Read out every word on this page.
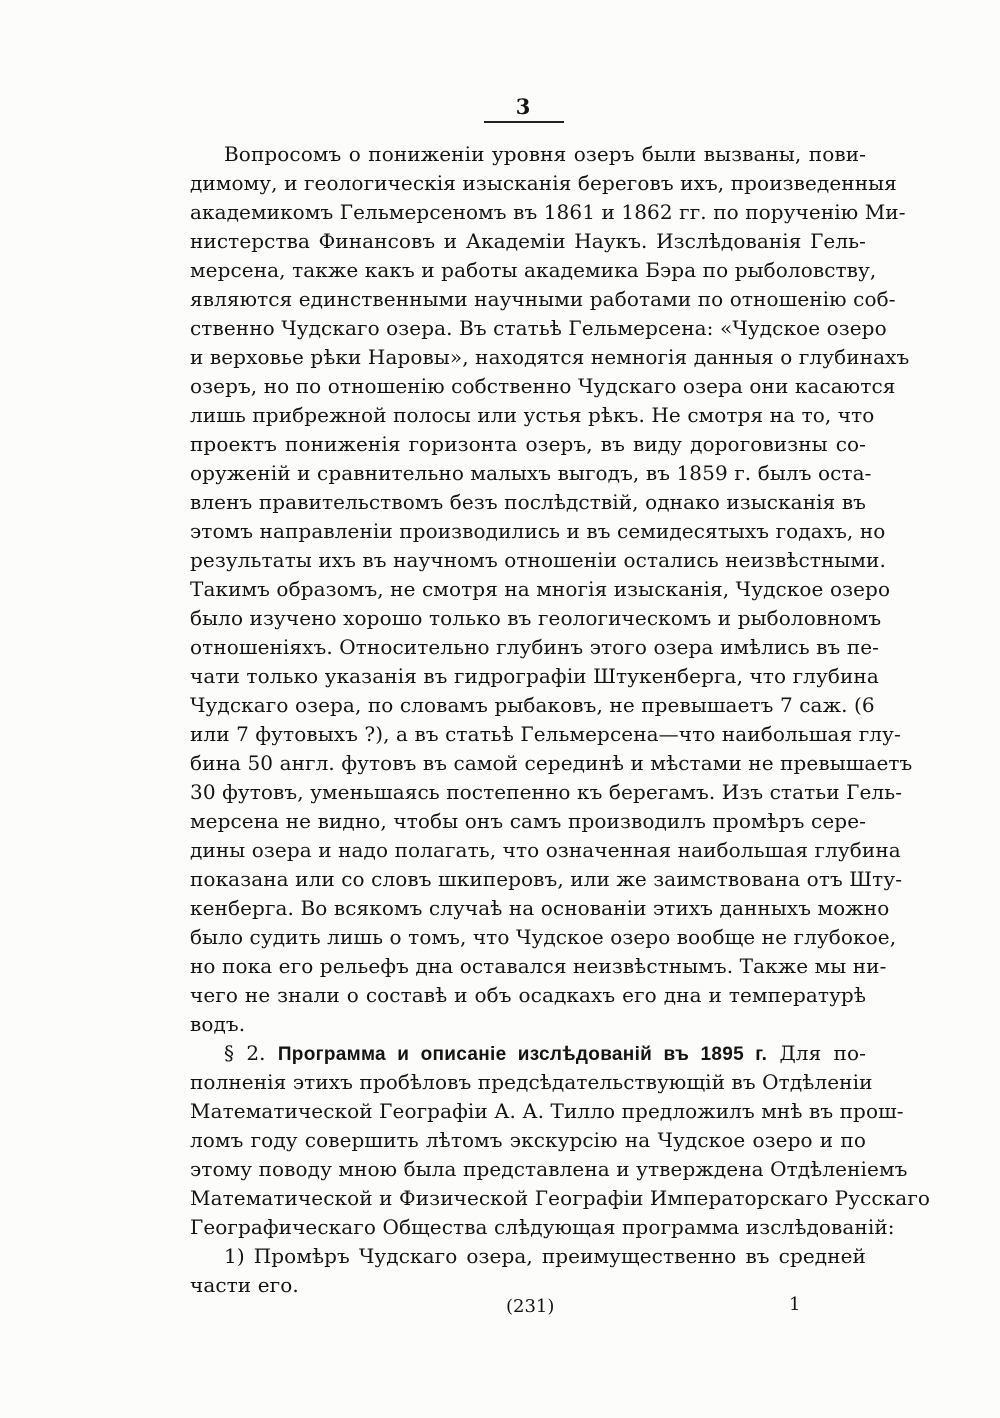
3
Вопросомъ о пониженіи уровня озеръ были вызваны, пови-
димому, и геологическія изысканія береговъ ихъ, произведенныя
академикомъ Гельмерсеномъ въ 1861 и 1862 гг. по порученію Ми-
нистерства Финансовъ и Академіи Наукъ. Изслѣдованія Гель-
мерсена, также какъ и работы академика Бэра по рыболовству,
являются единственными научными работами по отношенію соб-
ственно Чудскаго озера. Въ статьѣ Гельмерсена: «Чудское озеро
и верховье рѣки Наровы», находятся немногія данныя о глубинахъ
озеръ, но по отношенію собственно Чудскаго озера они касаются
лишь прибрежной полосы или устья рѣкъ. Не смотря на то, что
проектъ пониженія горизонта озеръ, въ виду дороговизны со-
оруженій и сравнительно малыхъ выгодъ, въ 1859 г. былъ оста-
вленъ правительствомъ безъ послѣдствій, однако изысканія въ
этомъ направленіи производились и въ семидесятыхъ годахъ, но
результаты ихъ въ научномъ отношеніи остались неизвѣстными.
Такимъ образомъ, не смотря на многія изысканія, Чудское озеро
было изучено хорошо только въ геологическомъ и рыболовномъ
отношеніяхъ. Относительно глубинъ этого озера имѣлись въ пе-
чати только указанія въ гидрографіи Штукенберга, что глубина
Чудскаго озера, по словамъ рыбаковъ, не превышаетъ 7 саж. (6
или 7 футовыхъ ?), а въ статьѣ Гельмерсена—что наибольшая глу-
бина 50 англ. футовъ въ самой серединѣ и мѣстами не превышаетъ
30 футовъ, уменьшаясь постепенно къ берегамъ. Изъ статьи Гель-
мерсена не видно, чтобы онъ самъ производилъ промѣръ сере-
дины озера и надо полагать, что означенная наибольшая глубина
показана или со словъ шкиперовъ, или же заимствована отъ Шту-
кенберга. Во всякомъ случаѣ на основаніи этихъ данныхъ можно
было судить лишь о томъ, что Чудское озеро вообще не глубокое,
но пока его рельефъ дна оставался неизвѣстнымъ. Также мы ни-
чего не знали о составѣ и объ осадкахъ его дна и температурѣ
водъ.
§ 2. Программа и описаніе изслѣдованій въ 1895 г. Для по-
полненія этихъ пробѣловъ предсѣдательствующій въ Отдѣленіи
Математической Географіи А. А. Тилло предложилъ мнѣ въ прош-
ломъ году совершить лѣтомъ экскурсію на Чудское озеро и по
этому поводу мною была представлена и утверждена Отдѣленіемъ
Математической и Физической Географіи Императорскаго Русскаго
Географическаго Общества слѣдующая программа изслѣдованій:
1) Промѣръ Чудскаго озера, преимущественно въ средней
части его.
(231)	1
